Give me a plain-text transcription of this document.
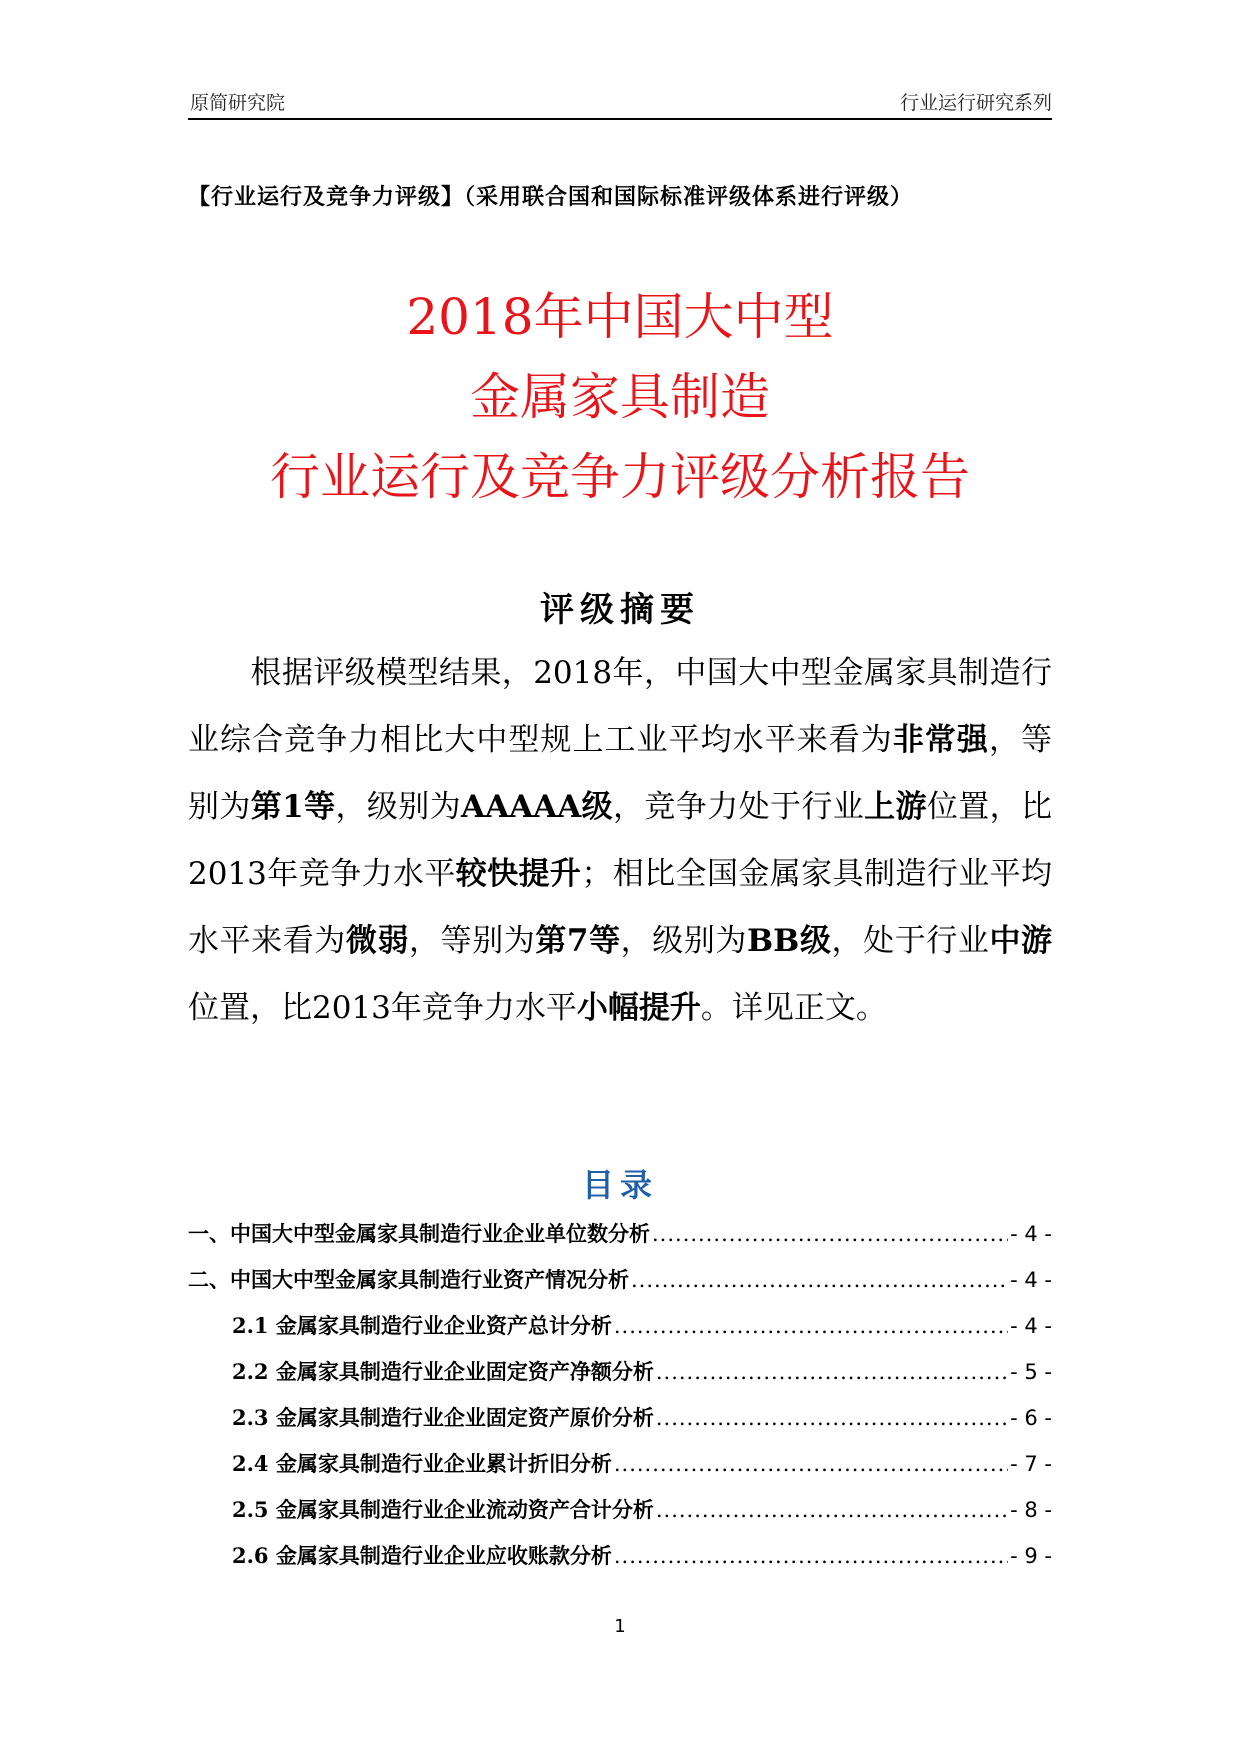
原简研究院	行业运行研究系列
【行业运行及竞争力评级】（采用联合国和国际标准评级体系进行评级）
2018年中国大中型
金属家具制造
行业运行及竞争力评级分析报告
评级摘要
根据评级模型结果，2018年，中国大中型金属家具制造行业综合竞争力相比大中型规上工业平均水平来看为非常强，等别为第1等，级别为AAAAA级，竞争力处于行业上游位置，比2013年竞争力水平较快提升；相比全国金属家具制造行业平均水平来看为微弱，等别为第7等，级别为BB级，处于行业中游位置，比2013年竞争力水平小幅提升。详见正文。
目录
一、中国大中型金属家具制造行业企业单位数分析 .....	- 4 -
二、中国大中型金属家具制造行业资产情况分析 .....	- 4 -
2.1 金属家具制造行业企业资产总计分析 .....	- 4 -
2.2 金属家具制造行业企业固定资产净额分析 .....	- 5 -
2.3 金属家具制造行业企业固定资产原价分析 .....	- 6 -
2.4 金属家具制造行业企业累计折旧分析 .....	- 7 -
2.5 金属家具制造行业企业流动资产合计分析 .....	- 8 -
2.6 金属家具制造行业企业应收账款分析 .....	- 9 -
1
